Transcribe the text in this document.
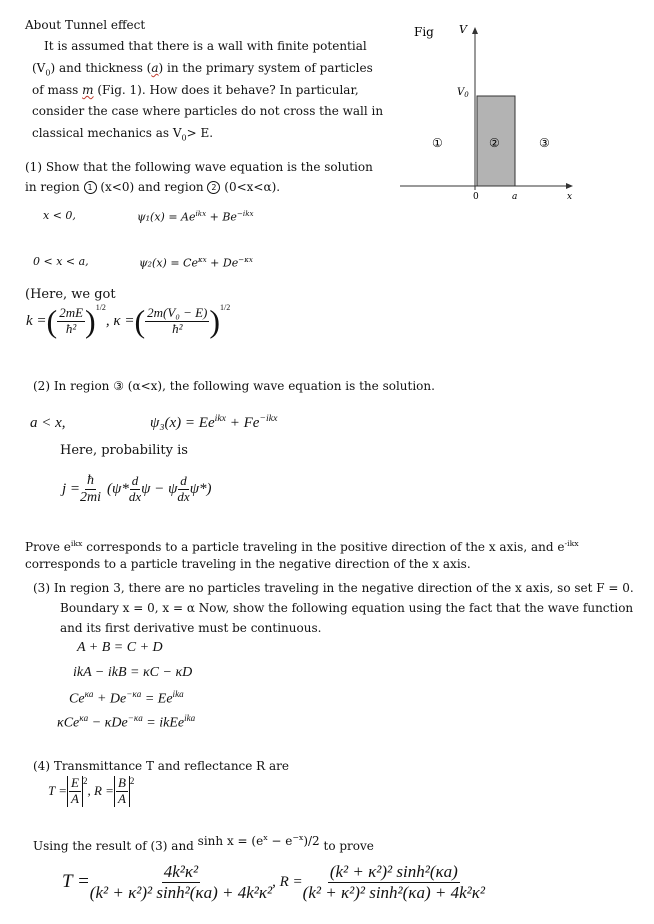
About Tunnel effect
It is assumed that there is a wall with finite potential
$(V_0)$ and thickness (a) in the primary system of particles
of mass m (Fig. 1). How does it behave? In particular,
consider the case where particles do not cross the wall in
classical mechanics as $V_0> E$.
Fig V
$V_0$
①	②	③
0	a	x
(1) Show that the following wave equation is the solution
in region 1 (x<0) and region 2 (0<x<α).
x < 0,	$\psi_1(x) = Ae^{ikx} + Be^{-ikx}$
0 < x < a,	$\psi_2(x) = Ce^{\kappa x} + De^{-\kappa x}$
(Here, we got
k = ( $\frac{2mE}{\text{ħ²}} )^{1/2}$
, κ = ( $\frac{\text{2m(V₀ − E)}}{\text{ħ²}} )^{1/2}$
(2) In region ③ (α<x), the following wave equation is the solution.
a < x,	$\psi_3(x) = Ee^{ikx} + Fe^{-ikx}$
Here, probability is
$j = \frac{ħ}{2mi} (\psi* \frac{d}{dx}$ ψ − ψ $\frac{d}{dx} \psi*$)
Prove $e^{ikx}$ corresponds to a particle traveling in the positive direction of the x axis, and $e^{-ikx}$
corresponds to a particle traveling in the negative direction of the x axis.
(3) In region 3, there are no particles traveling in the negative direction of the x axis, so set F = 0.
Boundary x = 0, x = α Now, show the following equation using the fact that the wave function
and its first derivative must be continuous.
A + B = C + D
ikA − ikB = κC − κD
$Ce^{\kappa a} + De^{-\kappa a} = Ee^{ika}$
κCe$^{\kappa a}$ − κDe$^{-\kappa a}$ = ikEe$^{ika}$
(4) Transmittance T and reflectance R are
$T = \frac{E}{A}^2$
, $R = \frac{B}{A}^2$
Using the result of (3) and $\sinh x = (e^x - e^{-x})/2$ to prove
$T = \frac{\text{4k²κ²}}{\text{(k² + κ²)² sinh²(κa) + 4k²κ²}}$ , $R = \frac{\text{(k² + κ²)² sinh²(κa)}}{\text{(k² + κ²)² sinh²(κa) + 4k²κ²}}$
